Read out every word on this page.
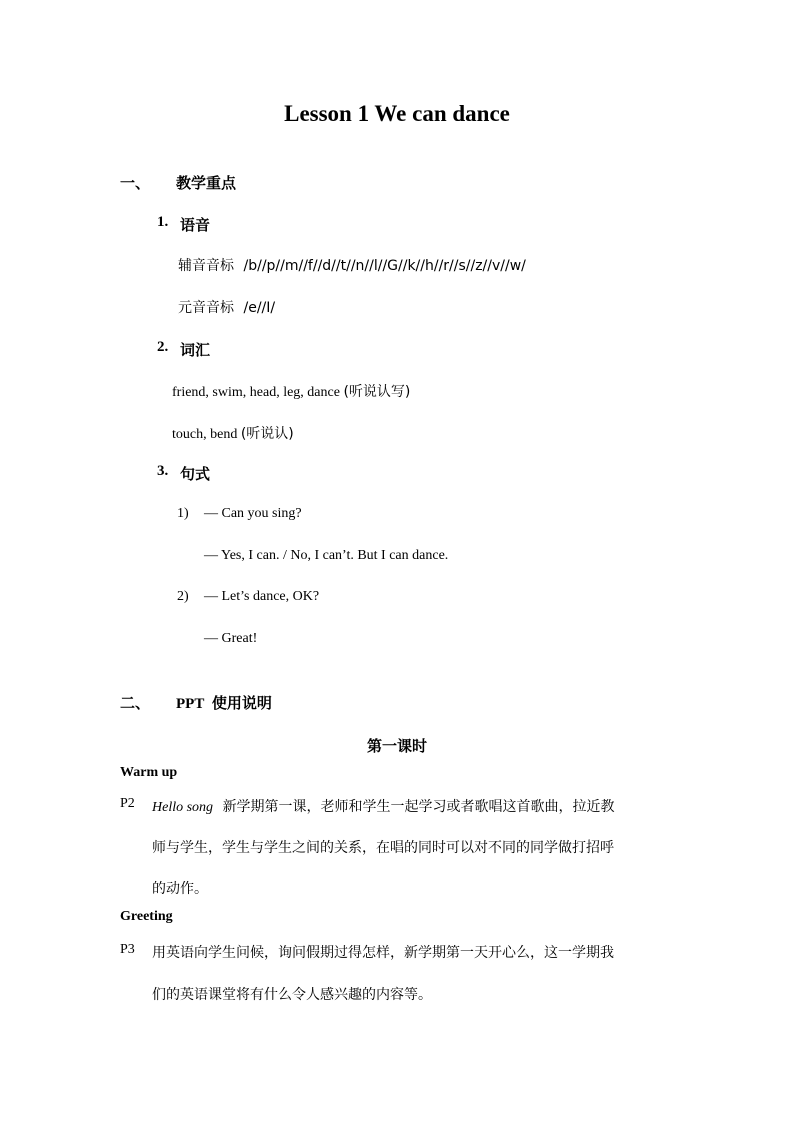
Lesson 1 We can dance
一、 教学重点
1. 语音
辅音音标 /b//p//m//f//d//t//n//l//G//k//h//r//s//z//v//w/
元音音标 /e//I/
2. 词汇
friend, swim, head, leg, dance (听说认写)
touch, bend (听说认)
3. 句式
1) — Can you sing?
— Yes, I can. / No, I can’t. But I can dance.
2) — Let’s dance, OK?
— Great!
二、 PPT 使用说明
第一课时
Warm up
P2 Hello song 新学期第一课，老师和学生一起学习或者歌唱这首歌曲，拉近教
师与学生，学生与学生之间的关系，在唱的同时可以对不同的同学做打招呼
的动作。
Greeting
P3 用英语向学生问候，询问假期过得怎样，新学期第一天开心么，这一学期我
们的英语课堂将有什么令人感兴趣的内容等。
